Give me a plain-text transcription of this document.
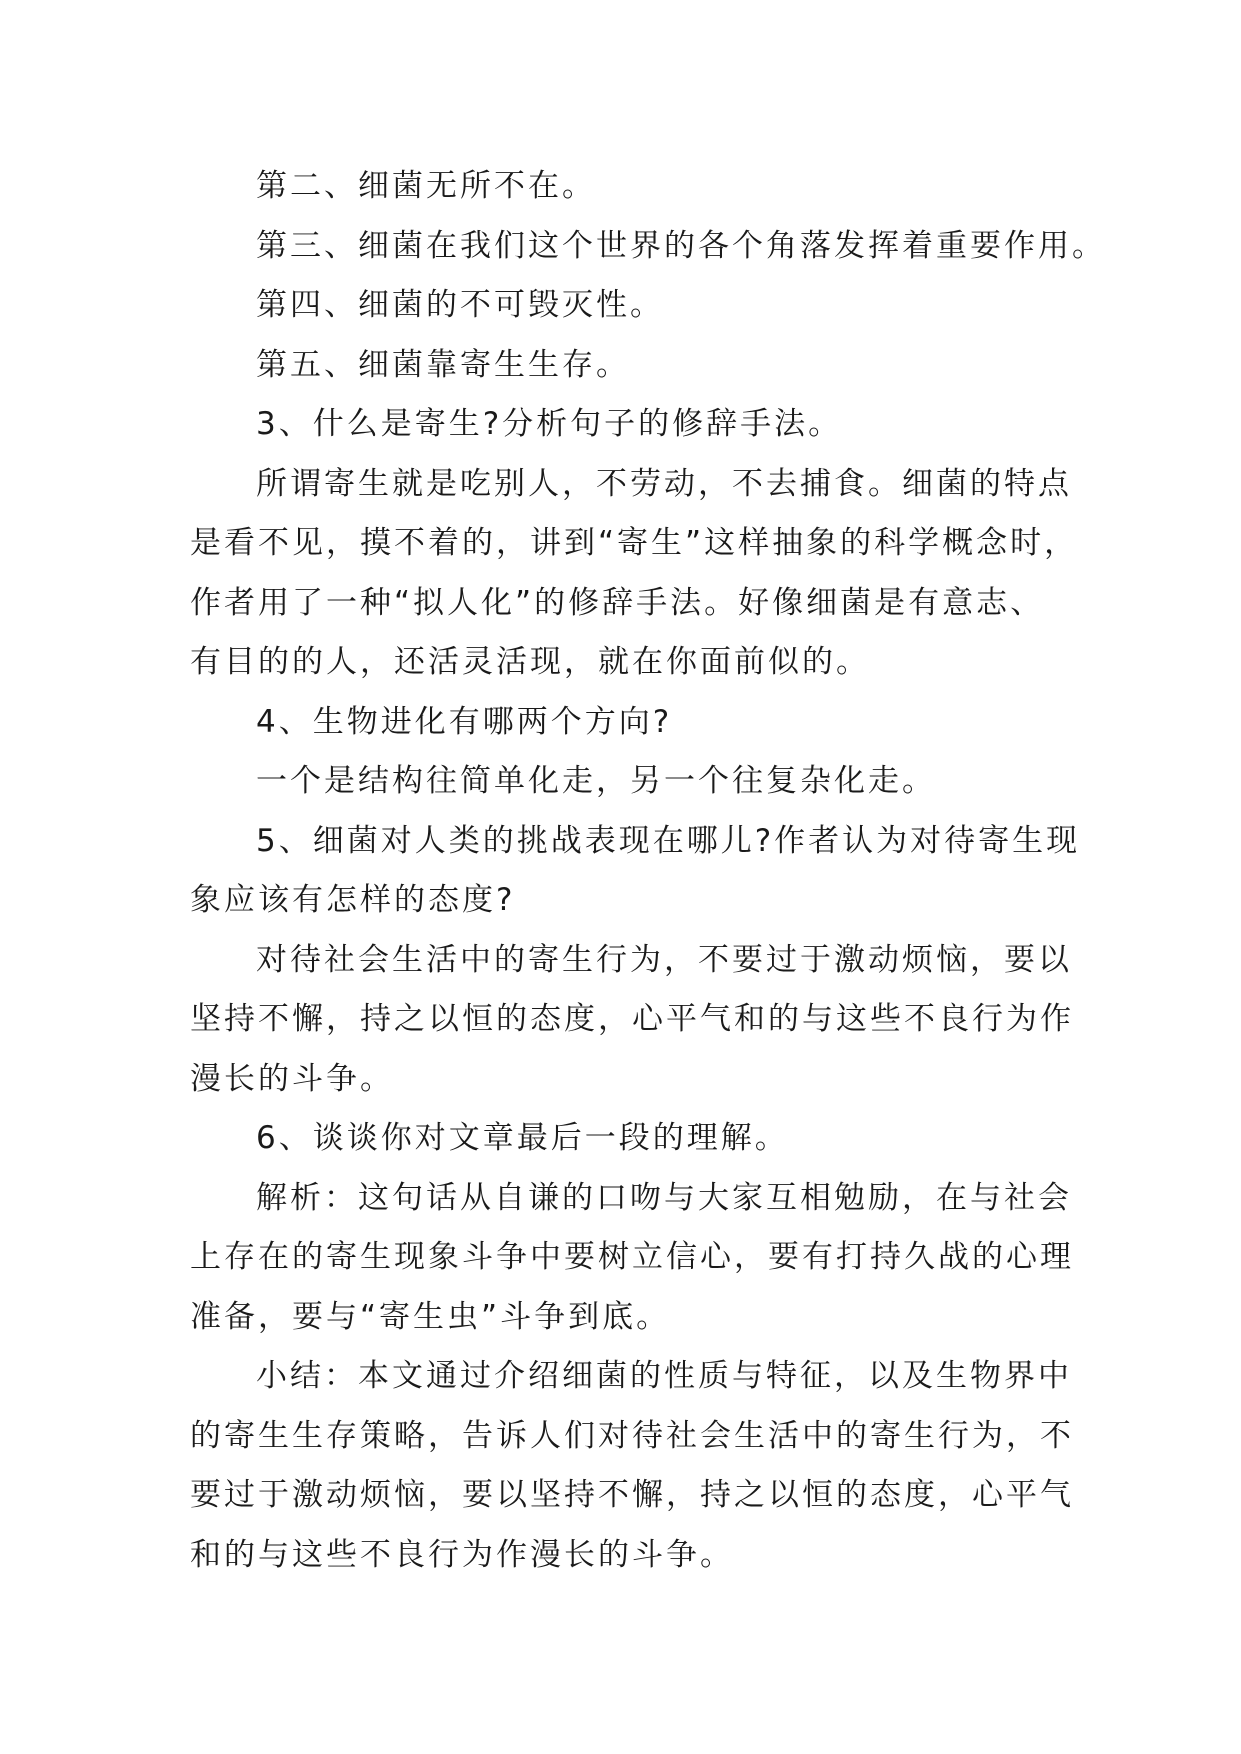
第二、细菌无所不在。
第三、细菌在我们这个世界的各个角落发挥着重要作用。
第四、细菌的不可毁灭性。
第五、细菌靠寄生生存。
3、什么是寄生?分析句子的修辞手法。
所谓寄生就是吃别人，不劳动，不去捕食。细菌的特点
是看不见，摸不着的，讲到“寄生”这样抽象的科学概念时，
作者用了一种“拟人化”的修辞手法。好像细菌是有意志、
有目的的人，还活灵活现，就在你面前似的。
4、生物进化有哪两个方向?
一个是结构往简单化走，另一个往复杂化走。
5、细菌对人类的挑战表现在哪儿?作者认为对待寄生现
象应该有怎样的态度?
对待社会生活中的寄生行为，不要过于激动烦恼，要以
坚持不懈，持之以恒的态度，心平气和的与这些不良行为作
漫长的斗争。
6、谈谈你对文章最后一段的理解。
解析：这句话从自谦的口吻与大家互相勉励，在与社会
上存在的寄生现象斗争中要树立信心，要有打持久战的心理
准备，要与“寄生虫”斗争到底。
小结：本文通过介绍细菌的性质与特征，以及生物界中
的寄生生存策略，告诉人们对待社会生活中的寄生行为，不
要过于激动烦恼，要以坚持不懈，持之以恒的态度，心平气
和的与这些不良行为作漫长的斗争。
